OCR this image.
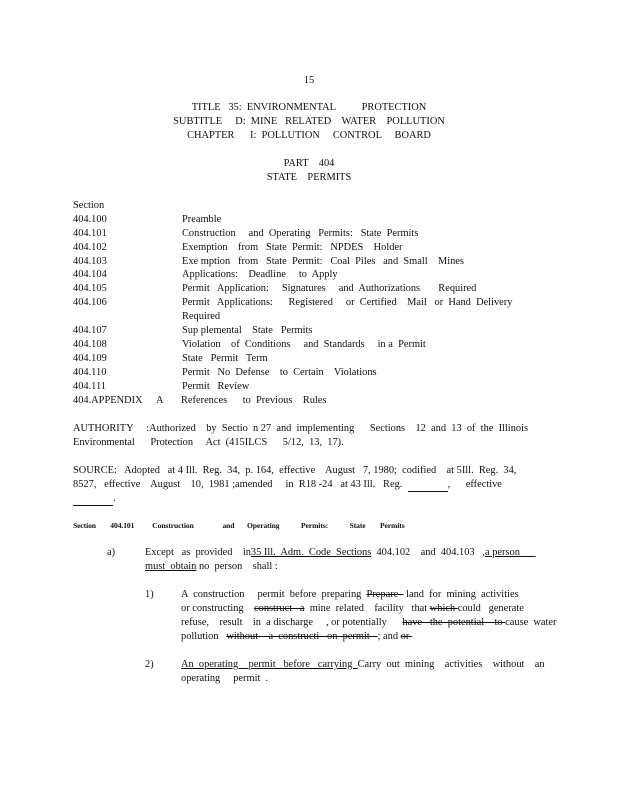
15
TITLE   35:  ENVIRONMENTAL          PROTECTION
SUBTITLE     D:  MINE   RELATED    WATER    POLLUTION
CHAPTER      I:  POLLUTION     CONTROL     BOARD
PART    404
STATE    PERMITS
Section
404.100	Preamble
404.101	Construction     and  Operating   Permits:   State  Permits
404.102	Exemption    from   State  Permit:   NPDES    Holder
404.103	Exe mption   from   State  Permit:   Coal  Piles   and  Small    Mines
404.104	Applications:    Deadline     to  Apply
404.105	Permit   Application:     Signatures     and  Authorizations       Required
404.106	Permit   Applications:      Registered     or  Certified    Mail   or  Hand  Delivery
Required
404.107	Sup plemental    State   Permits
404.108	Violation    of  Conditions     and  Standards     in a  Permit
404.109	State   Permit   Term
404.110	Permit   No  Defense    to  Certain    Violations
404.111	Permit   Review
404.APPENDIX A References      to  Previous    Rules
AUTHORITY     :Authorized    by  Sectio  n 27  and  implementing      Sections    12  and  13  of  the  Illinois
Environmental      Protection     Act  (415ILCS      5/12,  13,  17).
SOURCE:   Adopted   at 4 Ill.  Reg.  34,  p. 164,  effective    August   7, 1980;  codified    at 5Ill.  Reg.  34,
8527,   effective    August    10,  1981 ;amended     in  R18 -24   at 43 Ill.   Reg.	,      effective
.
Section        404.101          Construction                and       Operating            Permits:            State        Permits
a)	Except   as  provided    in35 Ill.  Adm.  Code  Sections  404.102    and  404.103   ,a person
must  obtain no  person    shall :
1)	A  construction     permit  before  preparing  Prepare   land  for  mining  activities
or constructing    construct   a  mine  related    facility   that which could   generate
refuse,    result    in  a discharge     , or potentially      have   the  potential    to cause  water
pollution   without    a  constructi   on  permit   ; and or
2)	An  operating    permit   before   carrying  Carry  out  mining    activities    without    an
operating     permit  .
